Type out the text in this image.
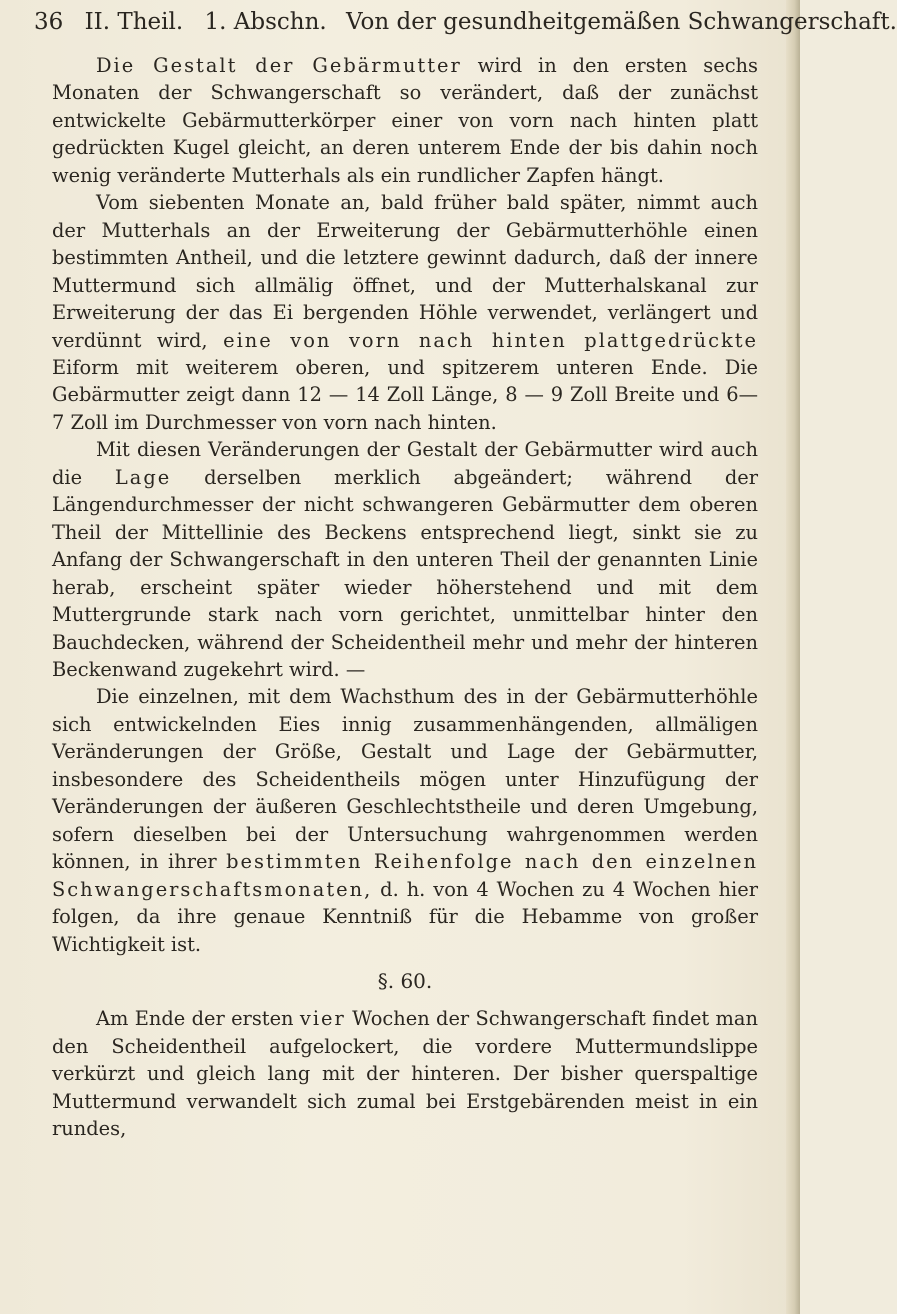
36 II. Theil. 1. Abschn. Von der gesundheitgemäßen Schwangerschaft.

Die Gestalt der Gebärmutter wird in den ersten sechs Monaten der Schwangerschaft so verändert, daß der zunächst entwickelte Gebärmutterkörper einer von vorn nach hinten platt gedrückten Kugel gleicht, an deren unterem Ende der bis dahin noch wenig veränderte Mutterhals als ein rundlicher Zapfen hängt.

Vom siebenten Monate an, bald früher bald später, nimmt auch der Mutterhals an der Erweiterung der Gebärmutterhöhle einen bestimmten Antheil, und die letztere gewinnt dadurch, daß der innere Muttermund sich allmälig öffnet, und der Mutterhalskanal zur Erweiterung der das Ei bergenden Höhle verwendet, verlängert und verdünnt wird, eine von vorn nach hinten plattgedrückte Eiform mit weiterem oberen, und spitzerem unteren Ende. Die Gebärmutter zeigt dann 12 — 14 Zoll Länge, 8 — 9 Zoll Breite und 6—7 Zoll im Durchmesser von vorn nach hinten.

Mit diesen Veränderungen der Gestalt der Gebärmutter wird auch die Lage derselben merklich abgeändert; während der Längendurchmesser der nicht schwangeren Gebärmutter dem oberen Theil der Mittellinie des Beckens entsprechend liegt, sinkt sie zu Anfang der Schwangerschaft in den unteren Theil der genannten Linie herab, erscheint später wieder höherstehend und mit dem Muttergrunde stark nach vorn gerichtet, unmittelbar hinter den Bauchdecken, während der Scheidentheil mehr und mehr der hinteren Beckenwand zugekehrt wird. —

Die einzelnen, mit dem Wachsthum des in der Gebärmutterhöhle sich entwickelnden Eies innig zusammenhängenden, allmäligen Veränderungen der Größe, Gestalt und Lage der Gebärmutter, insbesondere des Scheidentheils mögen unter Hinzufügung der Veränderungen der äußeren Geschlechtstheile und deren Umgebung, sofern dieselben bei der Untersuchung wahrgenommen werden können, in ihrer bestimmten Reihenfolge nach den einzelnen Schwangerschaftsmonaten, d. h. von 4 Wochen zu 4 Wochen hier folgen, da ihre genaue Kenntniß für die Hebamme von großer Wichtigkeit ist.

§. 60.

Am Ende der ersten vier Wochen der Schwangerschaft findet man den Scheidentheil aufgelockert, die vordere Muttermundslippe verkürzt und gleich lang mit der hinteren. Der bisher querspaltige Muttermund verwandelt sich zumal bei Erstgebärenden meist in ein rundes,
